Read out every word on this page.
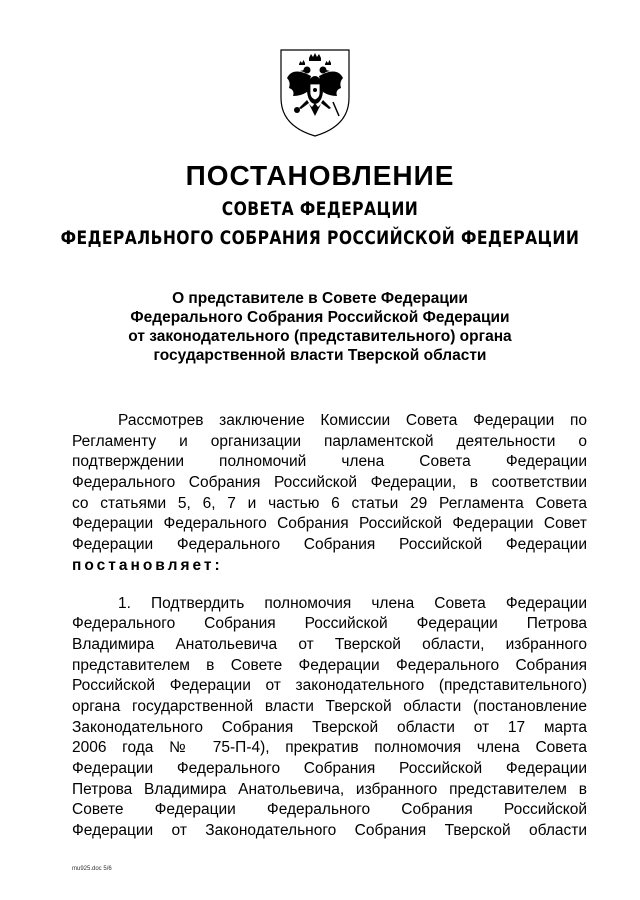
ПОСТАНОВЛЕНИЕ
СОВЕТА ФЕДЕРАЦИИ
ФЕДЕРАЛЬНОГО СОБРАНИЯ РОССИЙСКОЙ ФЕДЕРАЦИИ
О представителе в Совете Федерации
Федерального Собрания Российской Федерации
от законодательного (представительного) органа
государственной власти Тверской области
Рассмотрев заключение Комиссии Совета Федерации по
Регламенту и организации парламентской деятельности о
подтверждении полномочий члена Совета Федерации
Федерального Собрания Российской Федерации, в соответствии
со статьями 5, 6, 7 и частью 6 статьи 29 Регламента Совета
Федерации Федерального Собрания Российской Федерации Совет
Федерации Федерального Собрания Российской Федерации
постановляет:
1. Подтвердить полномочия члена Совета Федерации
Федерального Собрания Российской Федерации Петрова
Владимира Анатольевича от Тверской области, избранного
представителем в Совете Федерации Федерального Собрания
Российской Федерации от законодательного (представительного)
органа государственной власти Тверской области (постановление
Законодательного Собрания Тверской области от 17 марта
2006 года № 75-П-4), прекратив полномочия члена Совета
Федерации Федерального Собрания Российской Федерации
Петрова Владимира Анатольевича, избранного представителем в
Совете Федерации Федерального Собрания Российской
Федерации от Законодательного Собрания Тверской области
mu925.doc 5/6
